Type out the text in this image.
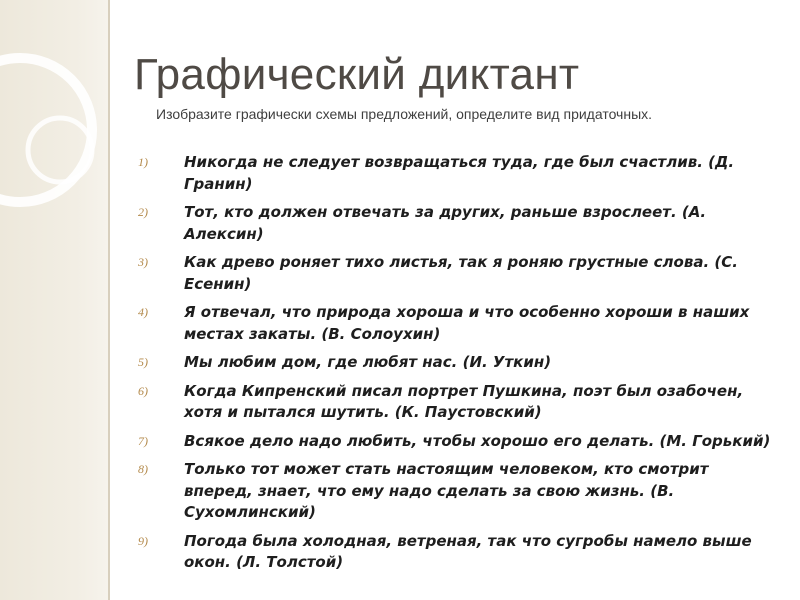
Графический диктант
Изобразите графически схемы предложений, определите вид придаточных.
1) Никогда не следует возвращаться туда, где был счастлив. (Д. Гранин)
2) Тот, кто должен отвечать за других, раньше взрослеет. (А. Алексин)
3) Как древо роняет тихо листья, так я роняю грустные слова. (С. Есенин)
4) Я отвечал, что природа хороша и что особенно хороши в наших местах закаты. (В. Солоухин)
5) Мы любим дом, где любят нас. (И. Уткин)
6) Когда Кипренский писал портрет Пушкина, поэт был озабочен, хотя и пытался шутить. (К. Паустовский)
7) Всякое дело надо любить, чтобы хорошо его делать. (М. Горький)
8) Только тот может стать настоящим человеком, кто смотрит вперед, знает, что ему надо сделать за свою жизнь. (В. Сухомлинский)
9) Погода была холодная, ветреная, так что сугробы намело выше окон. (Л. Толстой)
